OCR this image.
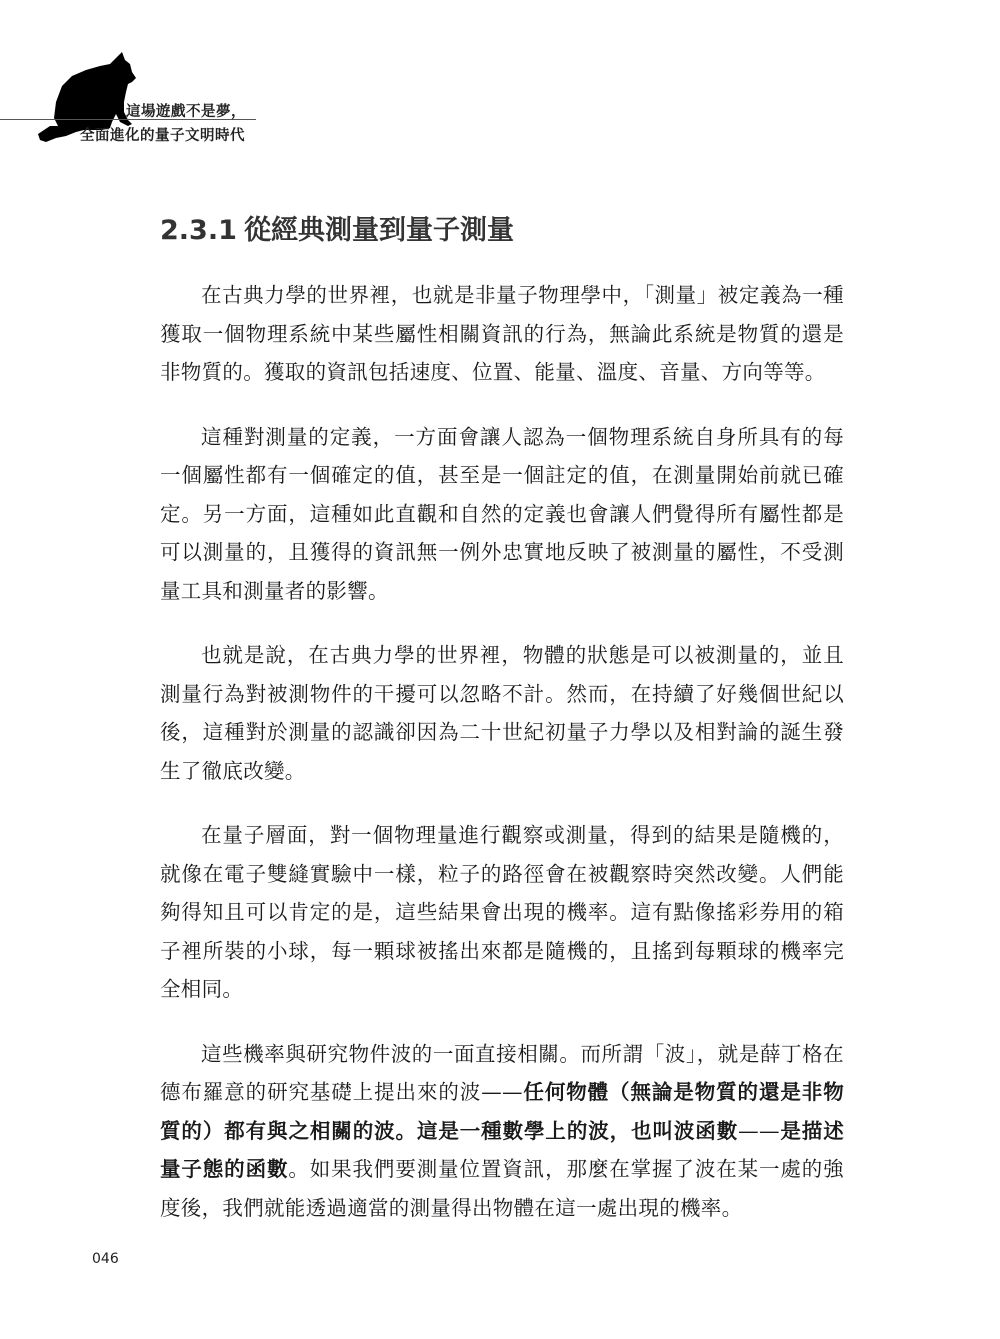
這場遊戲不是夢，
全面進化的量子文明時代
2.3.1 從經典測量到量子測量

在古典力學的世界裡，也就是非量子物理學中，「測量」被定義為一種獲取一個物理系統中某些屬性相關資訊的行為，無論此系統是物質的還是非物質的。獲取的資訊包括速度、位置、能量、溫度、音量、方向等等。

這種對測量的定義，一方面會讓人認為一個物理系統自身所具有的每一個屬性都有一個確定的值，甚至是一個註定的值，在測量開始前就已確定。另一方面，這種如此直觀和自然的定義也會讓人們覺得所有屬性都是可以測量的，且獲得的資訊無一例外忠實地反映了被測量的屬性，不受測量工具和測量者的影響。

也就是說，在古典力學的世界裡，物體的狀態是可以被測量的，並且測量行為對被測物件的干擾可以忽略不計。然而，在持續了好幾個世紀以後，這種對於測量的認識卻因為二十世紀初量子力學以及相對論的誕生發生了徹底改變。

在量子層面，對一個物理量進行觀察或測量，得到的結果是隨機的，就像在電子雙縫實驗中一樣，粒子的路徑會在被觀察時突然改變。人們能夠得知且可以肯定的是，這些結果會出現的機率。這有點像搖彩券用的箱子裡所裝的小球，每一顆球被搖出來都是隨機的，且搖到每顆球的機率完全相同。

這些機率與研究物件波的一面直接相關。而所謂「波」，就是薛丁格在德布羅意的研究基礎上提出來的波——任何物體（無論是物質的還是非物質的）都有與之相關的波。這是一種數學上的波，也叫波函數——是描述量子態的函數。如果我們要測量位置資訊，那麼在掌握了波在某一處的強度後，我們就能透過適當的測量得出物體在這一處出現的機率。

046
